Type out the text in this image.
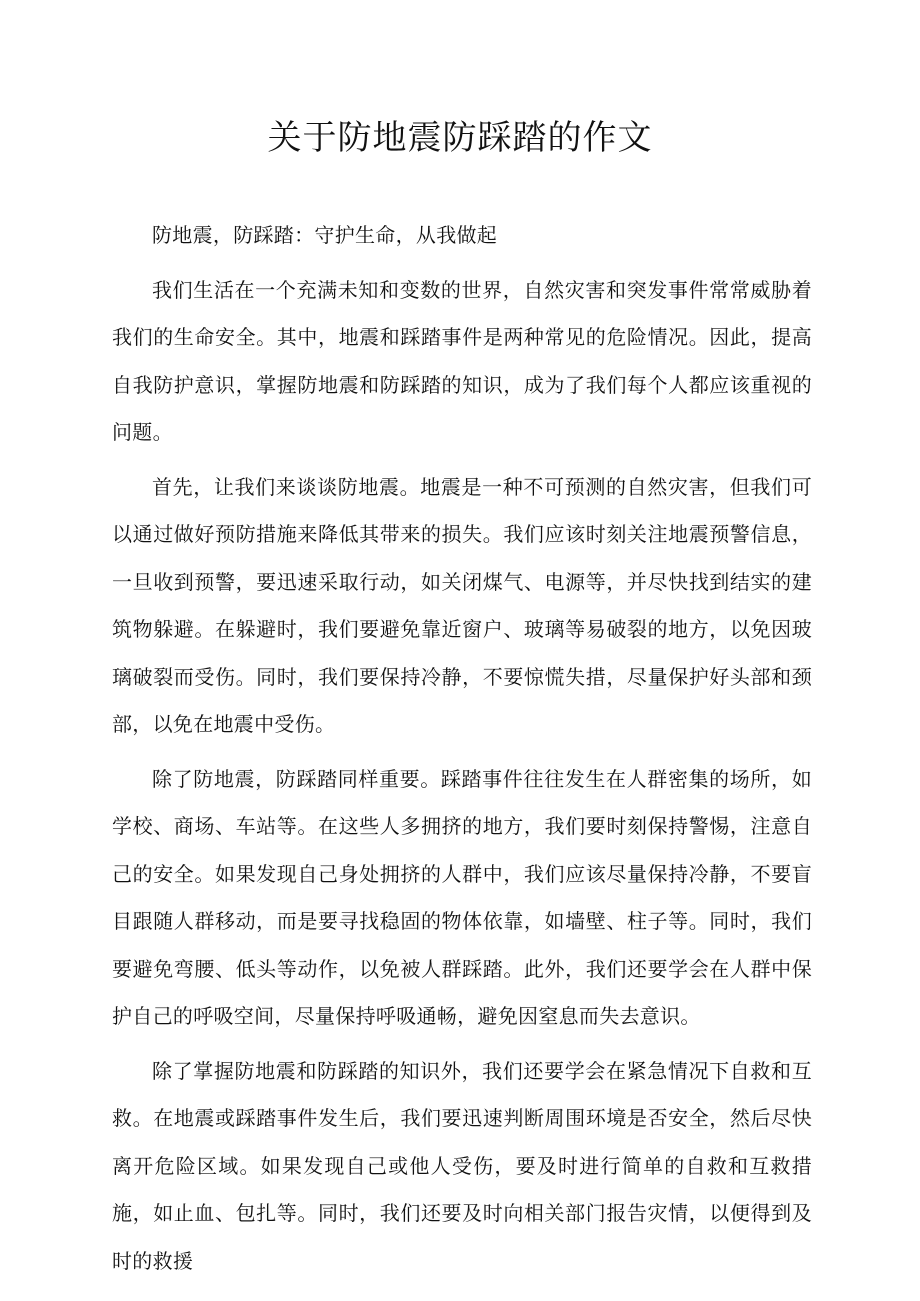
关于防地震防踩踏的作文

防地震，防踩踏：守护生命，从我做起

我们生活在一个充满未知和变数的世界，自然灾害和突发事件常常威胁着我们的生命安全。其中，地震和踩踏事件是两种常见的危险情况。因此，提高自我防护意识，掌握防地震和防踩踏的知识，成为了我们每个人都应该重视的问题。

首先，让我们来谈谈防地震。地震是一种不可预测的自然灾害，但我们可以通过做好预防措施来降低其带来的损失。我们应该时刻关注地震预警信息，一旦收到预警，要迅速采取行动，如关闭煤气、电源等，并尽快找到结实的建筑物躲避。在躲避时，我们要避免靠近窗户、玻璃等易破裂的地方，以免因玻璃破裂而受伤。同时，我们要保持冷静，不要惊慌失措，尽量保护好头部和颈部，以免在地震中受伤。

除了防地震，防踩踏同样重要。踩踏事件往往发生在人群密集的场所，如学校、商场、车站等。在这些人多拥挤的地方，我们要时刻保持警惕，注意自己的安全。如果发现自己身处拥挤的人群中，我们应该尽量保持冷静，不要盲目跟随人群移动，而是要寻找稳固的物体依靠，如墙壁、柱子等。同时，我们要避免弯腰、低头等动作，以免被人群踩踏。此外，我们还要学会在人群中保护自己的呼吸空间，尽量保持呼吸通畅，避免因窒息而失去意识。

除了掌握防地震和防踩踏的知识外，我们还要学会在紧急情况下自救和互救。在地震或踩踏事件发生后，我们要迅速判断周围环境是否安全，然后尽快离开危险区域。如果发现自己或他人受伤，要及时进行简单的自救和互救措施，如止血、包扎等。同时，我们还要及时向相关部门报告灾情，以便得到及时的救援
